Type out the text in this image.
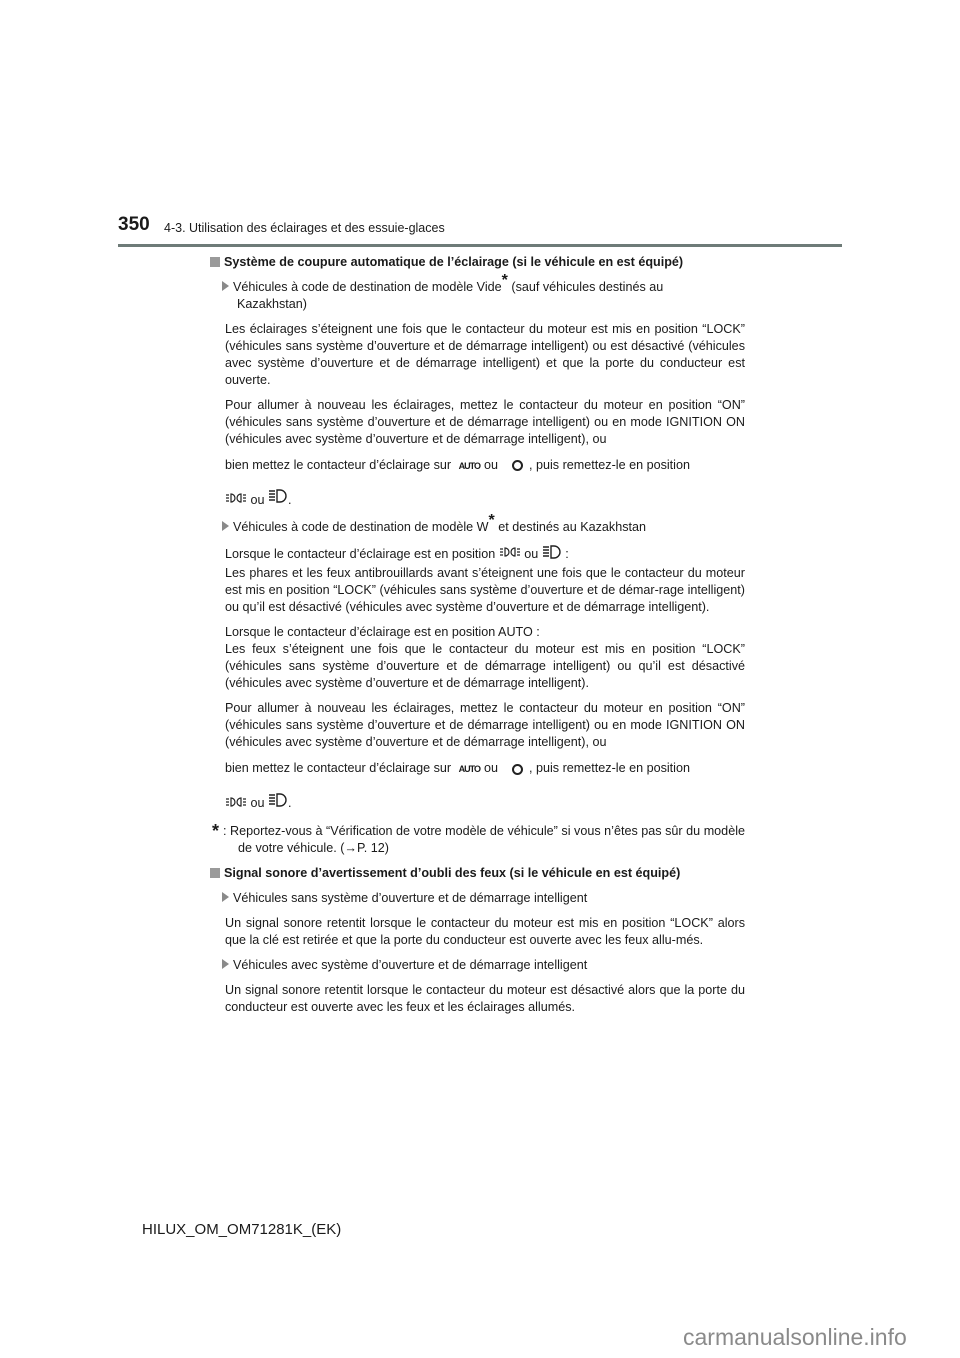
350 4-3. Utilisation des éclairages et des essuie-glaces
Système de coupure automatique de l’éclairage (si le véhicule en est équipé)
Véhicules à code de destination de modèle Vide* (sauf véhicules destinés au
Kazakhstan)

Les éclairages s’éteignent une fois que le contacteur du moteur est mis en position “LOCK” (véhicules sans système d’ouverture et de démarrage intelligent) ou est désactivé (véhicules avec système d’ouverture et de démarrage intelligent) et que la porte du conducteur est ouverte.

Pour allumer à nouveau les éclairages, mettez le contacteur du moteur en position “ON” (véhicules sans système d’ouverture et de démarrage intelligent) ou en mode IGNITION ON (véhicules avec système d’ouverture et de démarrage intelligent), ou

bien mettez le contacteur d’éclairage sur AUTO ou , puis remettez-le en position

ou .

Véhicules à code de destination de modèle W* et destinés au Kazakhstan

Lorsque le contacteur d’éclairage est en position ou :
Les phares et les feux antibrouillards avant s’éteignent une fois que le contacteur du moteur est mis en position “LOCK” (véhicules sans système d’ouverture et de démar-rage intelligent) ou qu’il est désactivé (véhicules avec système d’ouverture et de démarrage intelligent).

Lorsque le contacteur d’éclairage est en position AUTO :
Les feux s’éteignent une fois que le contacteur du moteur est mis en position “LOCK” (véhicules sans système d’ouverture et de démarrage intelligent) ou qu’il est désactivé (véhicules avec système d’ouverture et de démarrage intelligent).

Pour allumer à nouveau les éclairages, mettez le contacteur du moteur en position “ON” (véhicules sans système d’ouverture et de démarrage intelligent) ou en mode IGNITION ON (véhicules avec système d’ouverture et de démarrage intelligent), ou

bien mettez le contacteur d’éclairage sur AUTO ou , puis remettez-le en position

ou .

* : Reportez-vous à “Vérification de votre modèle de véhicule” si vous n’êtes pas sûr du modèle de votre véhicule. (→P. 12)
Signal sonore d’avertissement d’oubli des feux (si le véhicule en est équipé)
Véhicules sans système d’ouverture et de démarrage intelligent

Un signal sonore retentit lorsque le contacteur du moteur est mis en position “LOCK” alors que la clé est retirée et que la porte du conducteur est ouverte avec les feux allu-més.

Véhicules avec système d’ouverture et de démarrage intelligent

Un signal sonore retentit lorsque le contacteur du moteur est désactivé alors que la porte du conducteur est ouverte avec les feux et les éclairages allumés.

HILUX_OM_OM71281K_(EK)
carmanualsonline.info
